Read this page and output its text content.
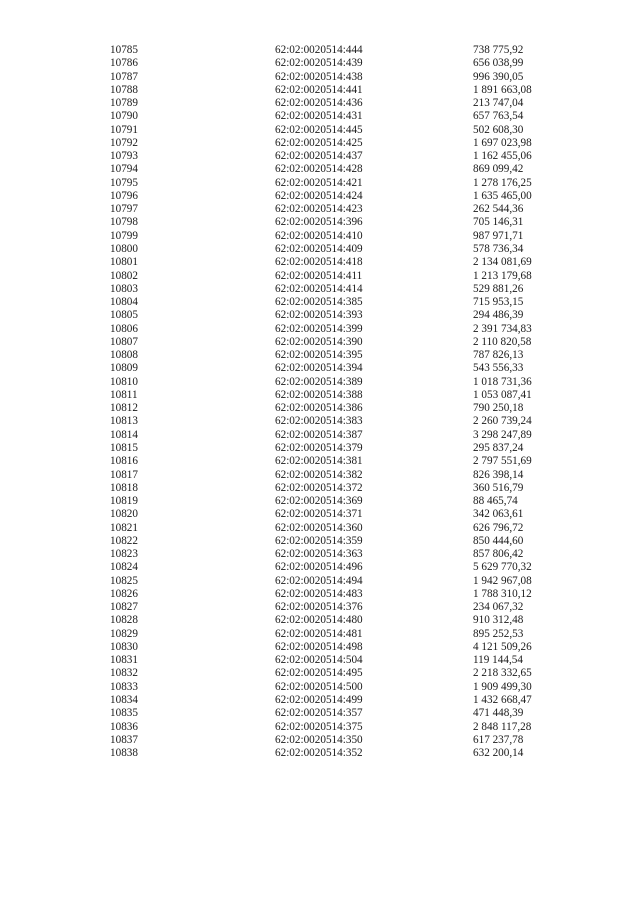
10785	62:02:0020514:444	738 775,92
10786	62:02:0020514:439	656 038,99
10787	62:02:0020514:438	996 390,05
10788	62:02:0020514:441	1 891 663,08
10789	62:02:0020514:436	213 747,04
10790	62:02:0020514:431	657 763,54
10791	62:02:0020514:445	502 608,30
10792	62:02:0020514:425	1 697 023,98
10793	62:02:0020514:437	1 162 455,06
10794	62:02:0020514:428	869 099,42
10795	62:02:0020514:421	1 278 176,25
10796	62:02:0020514:424	1 635 465,00
10797	62:02:0020514:423	262 544,36
10798	62:02:0020514:396	705 146,31
10799	62:02:0020514:410	987 971,71
10800	62:02:0020514:409	578 736,34
10801	62:02:0020514:418	2 134 081,69
10802	62:02:0020514:411	1 213 179,68
10803	62:02:0020514:414	529 881,26
10804	62:02:0020514:385	715 953,15
10805	62:02:0020514:393	294 486,39
10806	62:02:0020514:399	2 391 734,83
10807	62:02:0020514:390	2 110 820,58
10808	62:02:0020514:395	787 826,13
10809	62:02:0020514:394	543 556,33
10810	62:02:0020514:389	1 018 731,36
10811	62:02:0020514:388	1 053 087,41
10812	62:02:0020514:386	790 250,18
10813	62:02:0020514:383	2 260 739,24
10814	62:02:0020514:387	3 298 247,89
10815	62:02:0020514:379	295 837,24
10816	62:02:0020514:381	2 797 551,69
10817	62:02:0020514:382	826 398,14
10818	62:02:0020514:372	360 516,79
10819	62:02:0020514:369	88 465,74
10820	62:02:0020514:371	342 063,61
10821	62:02:0020514:360	626 796,72
10822	62:02:0020514:359	850 444,60
10823	62:02:0020514:363	857 806,42
10824	62:02:0020514:496	5 629 770,32
10825	62:02:0020514:494	1 942 967,08
10826	62:02:0020514:483	1 788 310,12
10827	62:02:0020514:376	234 067,32
10828	62:02:0020514:480	910 312,48
10829	62:02:0020514:481	895 252,53
10830	62:02:0020514:498	4 121 509,26
10831	62:02:0020514:504	119 144,54
10832	62:02:0020514:495	2 218 332,65
10833	62:02:0020514:500	1 909 499,30
10834	62:02:0020514:499	1 432 668,47
10835	62:02:0020514:357	471 448,39
10836	62:02:0020514:375	2 848 117,28
10837	62:02:0020514:350	617 237,78
10838	62:02:0020514:352	632 200,14
